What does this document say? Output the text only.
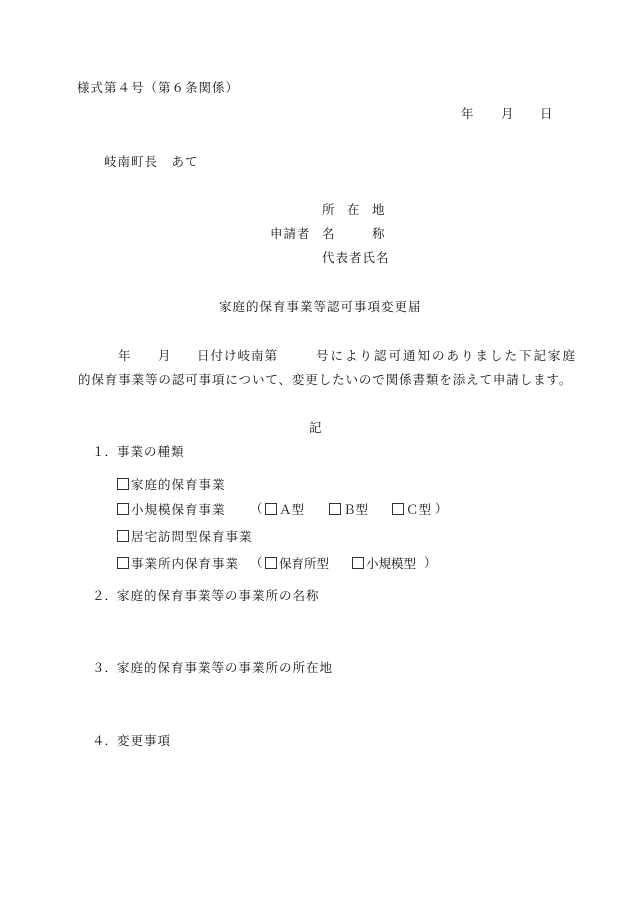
様式第４号（第６条関係）
年 月 日
岐南町長　あて
所　在　地
申請者 名　　　称
代表者氏名
家庭的保育事業等認可事項変更届
年 月 日付け岐南第	号により認可通知のありました下記家庭
的保育事業等の認可事項について、変更したいので関係書類を添えて申請します。
記
１． 事業の種類
家庭的保育事業
小規模保育事業 （	Ａ型	Ｂ型	Ｃ型 ）
居宅訪問型保育事業
事業所内保育事業 （	保育所型	小規模型 ）
２． 家庭的保育事業等の事業所の名称
３． 家庭的保育事業等の事業所の所在地
４． 変更事項
